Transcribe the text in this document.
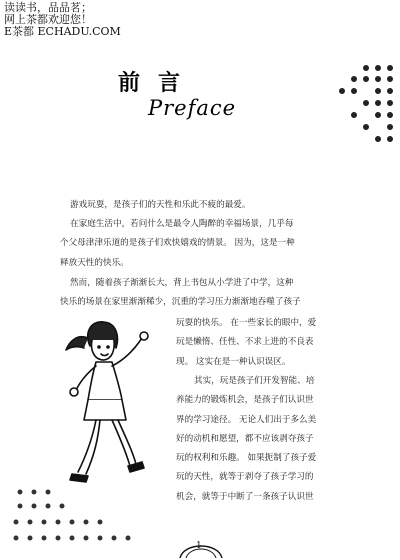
读读书，品品茗；
网上茶都欢迎您！
E茶都 ECHADU.COM
前言
Preface
游戏玩耍，是孩子们的天性和乐此不疲的最爱。
在家庭生活中，若问什么是最令人陶醉的幸福场景，几乎每
个父母津津乐道的是孩子们欢快嬉戏的情景。 因为，这是一种
释放天性的快乐。
然而，随着孩子渐渐长大，背上书包从小学进了中学，这种
快乐的场景在家里渐渐稀少，沉重的学习压力渐渐地吞噬了孩子
玩耍的快乐。 在一些家长的眼中，爱
玩是懒惰、任性、不求上进的不良表
现。 这实在是一种认识误区。
其实，玩是孩子们开发智能、培
养能力的锻炼机会，是孩子们认识世
界的学习途径。 无论人们出于多么美
好的动机和愿望，都不应该剥夺孩子
玩的权利和乐趣。 如果扼制了孩子爱
玩的天性，就等于剥夺了孩子学习的
机会，就等于中断了一条孩子认识世
1
